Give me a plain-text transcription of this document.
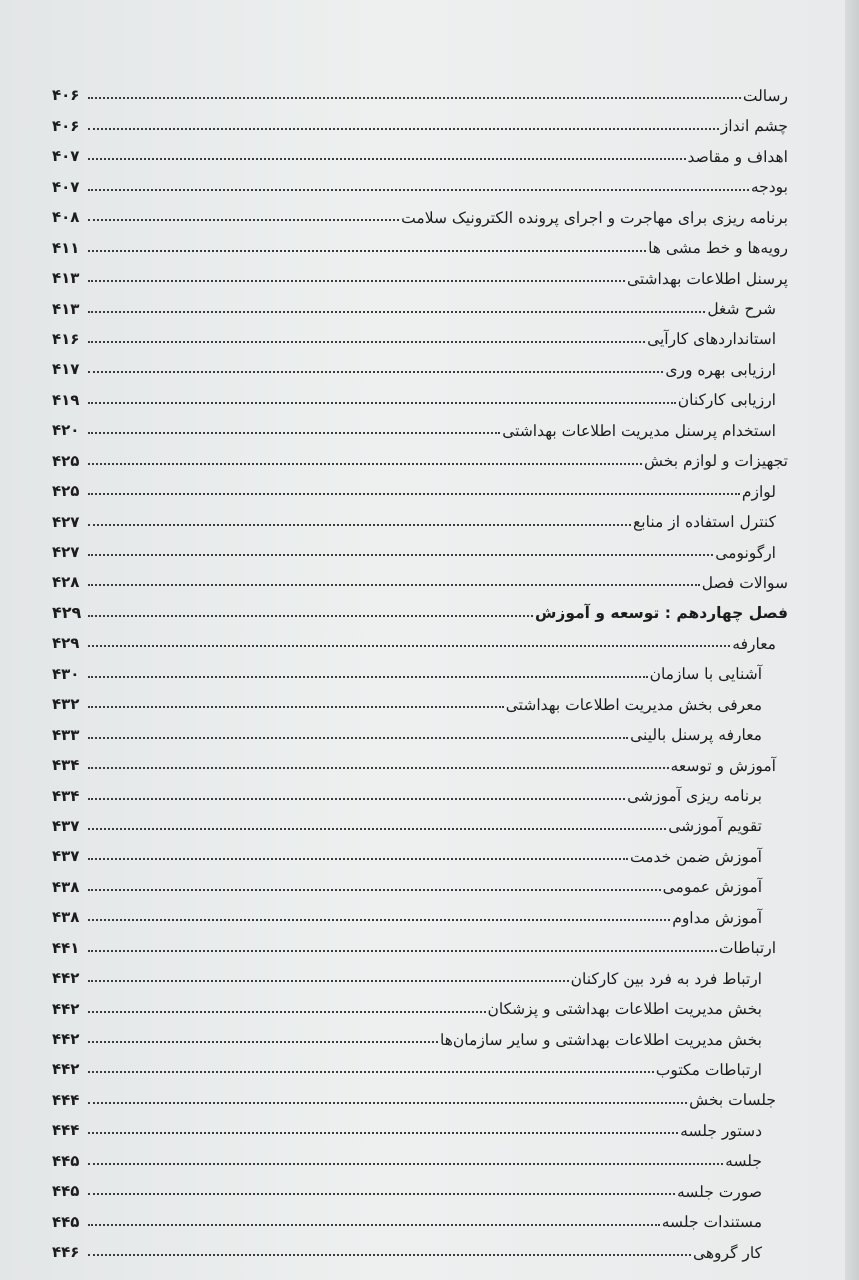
رسالت
۴۰۶
چشم انداز
۴۰۶
اهداف و مقاصد
۴۰۷
بودجه
۴۰۷
برنامه ریزی برای مهاجرت و اجرای پرونده الکترونیک سلامت
۴۰۸
رویه‌ها و خط مشی ها
۴۱۱
پرسنل اطلاعات بهداشتی
۴۱۳
شرح شغل
۴۱۳
استانداردهای کارآیی
۴۱۶
ارزیابی بهره وری
۴۱۷
ارزیابی کارکنان
۴۱۹
استخدام پرسنل مدیریت اطلاعات بهداشتی
۴۲۰
تجهیزات و لوازم بخش
۴۲۵
لوازم
۴۲۵
کنترل استفاده از منابع
۴۲۷
ارگونومی
۴۲۷
سوالات فصل
۴۲۸
فصل چهاردهم : توسعه و آموزش
۴۲۹
معارفه
۴۲۹
آشنایی با سازمان
۴۳۰
معرفی بخش مدیریت اطلاعات بهداشتی
۴۳۲
معارفه پرسنل بالینی
۴۳۳
آموزش و توسعه
۴۳۴
برنامه ریزی آموزشی
۴۳۴
تقویم آموزشی
۴۳۷
آموزش ضمن خدمت
۴۳۷
آموزش عمومی
۴۳۸
آموزش مداوم
۴۳۸
ارتباطات
۴۴۱
ارتباط فرد به فرد بین کارکنان
۴۴۲
بخش مدیریت اطلاعات بهداشتی و پزشکان
۴۴۲
بخش مدیریت اطلاعات بهداشتی و سایر سازمان‌ها
۴۴۲
ارتباطات مکتوب
۴۴۲
جلسات بخش
۴۴۴
دستور جلسه
۴۴۴
جلسه
۴۴۵
صورت جلسه
۴۴۵
مستندات جلسه
۴۴۵
کار گروهی
۴۴۶
